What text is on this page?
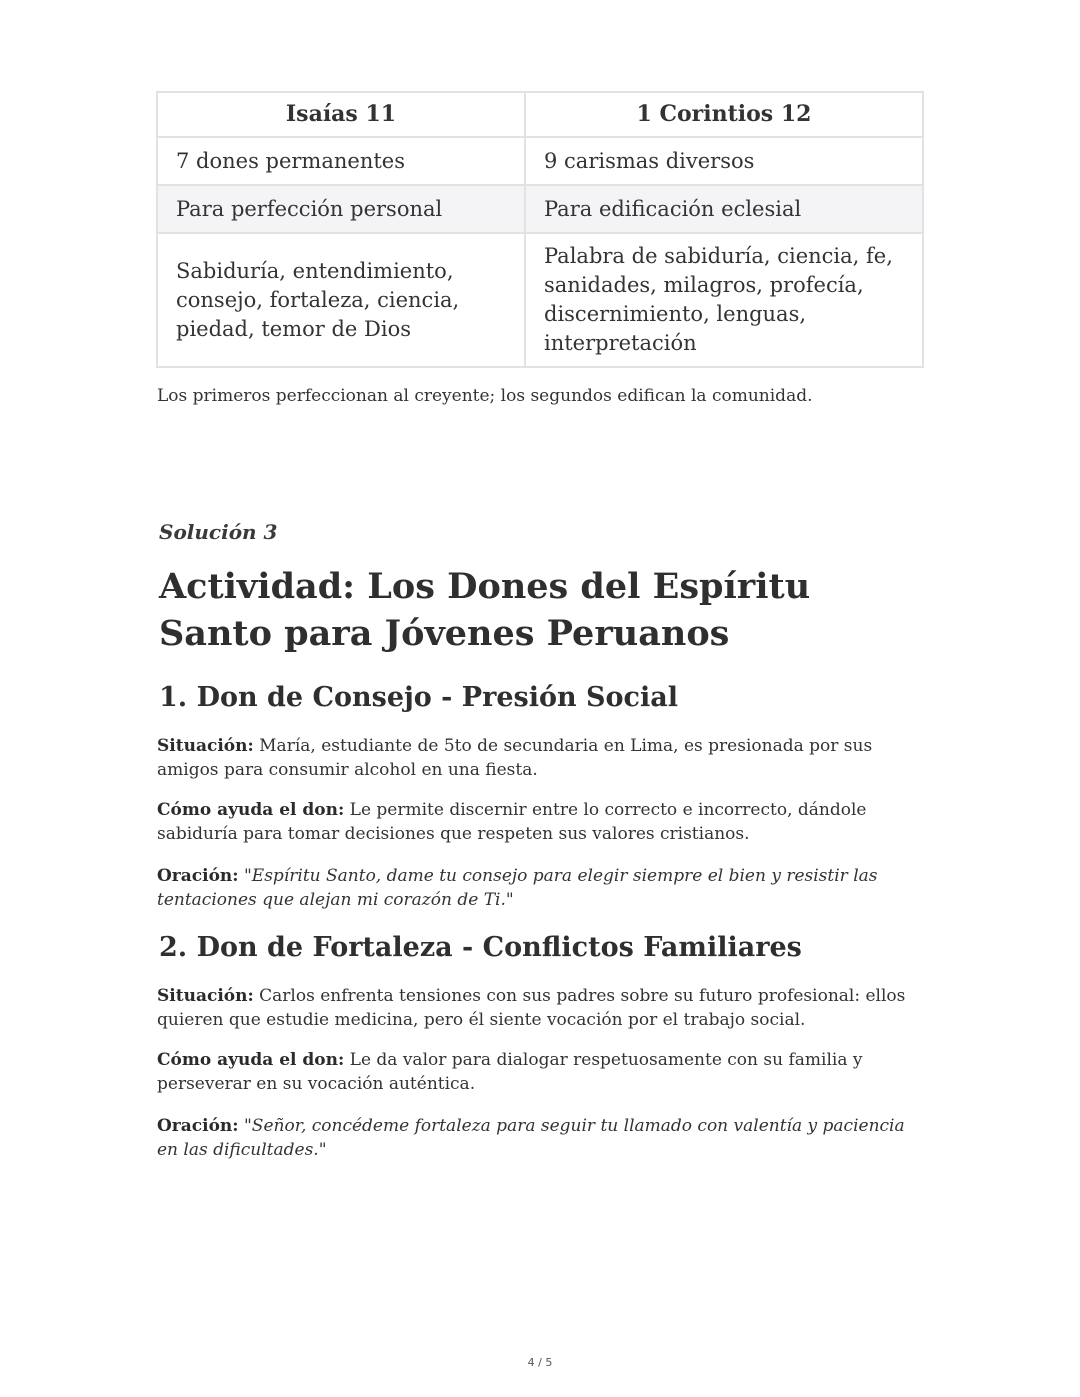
Isaías 11	1 Corintios 12
7 dones permanentes	9 carismas diversos
Para perfección personal	Para edificación eclesial
Sabiduría, entendimiento, consejo, fortaleza, ciencia, piedad, temor de Dios	Palabra de sabiduría, ciencia, fe, sanidades, milagros, profecía, discernimiento, lenguas, interpretación

Los primeros perfeccionan al creyente; los segundos edifican la comunidad.

Solución 3

Actividad: Los Dones del Espíritu Santo para Jóvenes Peruanos
1. Don de Consejo - Presión Social

Situación: María, estudiante de 5to de secundaria en Lima, es presionada por sus amigos para consumir alcohol en una fiesta.

Cómo ayuda el don: Le permite discernir entre lo correcto e incorrecto, dándole sabiduría para tomar decisiones que respeten sus valores cristianos.

Oración: "Espíritu Santo, dame tu consejo para elegir siempre el bien y resistir las tentaciones que alejan mi corazón de Ti."

2. Don de Fortaleza - Conflictos Familiares

Situación: Carlos enfrenta tensiones con sus padres sobre su futuro profesional: ellos quieren que estudie medicina, pero él siente vocación por el trabajo social.

Cómo ayuda el don: Le da valor para dialogar respetuosamente con su familia y perseverar en su vocación auténtica.

Oración: "Señor, concédeme fortaleza para seguir tu llamado con valentía y paciencia en las dificultades."

4 / 5
